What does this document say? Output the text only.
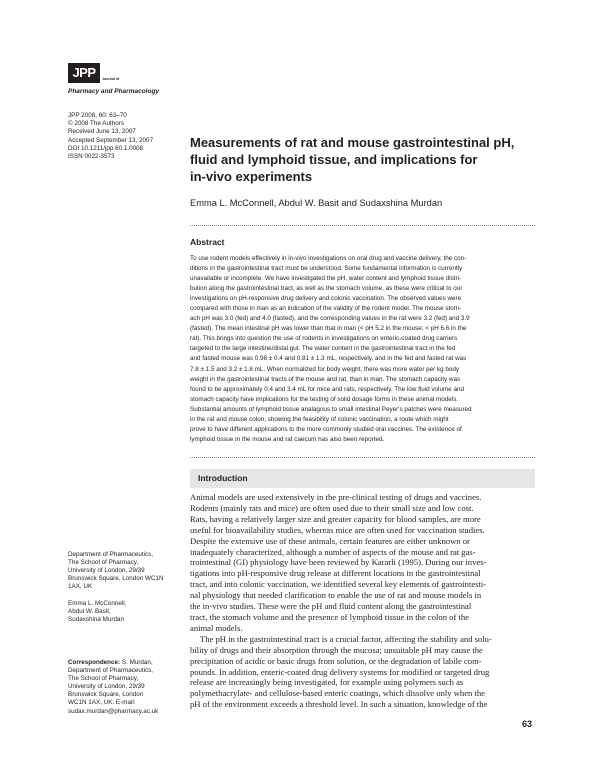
JPP	Journal of
Pharmacy and Pharmacology
JPP 2008, 60: 63–70
© 2008 The Authors
Received June 13, 2007
Accepted September 13, 2007
DOI 10.1211/jpp.60.1.0008
ISSN 0022-3573
Measurements of rat and mouse gastrointestinal pH,
fluid and lymphoid tissue, and implications for
in-vivo experiments
Emma L. McConnell, Abdul W. Basit and Sudaxshina Murdan
Abstract
To use rodent models effectively in in-vivo investigations on oral drug and vaccine delivery, the con-
ditions in the gastrointestinal tract must be understood. Some fundamental information is currently
unavailable or incomplete. We have investigated the pH, water content and lymphoid tissue distri-
bution along the gastrointestinal tract, as well as the stomach volume, as these were critical to our
investigations on pH-responsive drug delivery and colonic vaccination. The observed values were
compared with those in man as an indication of the validity of the rodent model. The mouse stom-
ach pH was 3.0 (fed) and 4.0 (fasted), and the corresponding values in the rat were 3.2 (fed) and 3.9
(fasted). The mean intestinal pH was lower than that in man (< pH 5.2 in the mouse; < pH 6.6 in the
rat). This brings into question the use of rodents in investigations on enteric-coated drug carriers
targeted to the large intestine/distal gut. The water content in the gastrointestinal tract in the fed
and fasted mouse was 0.98 ± 0.4 and 0.81 ± 1.3 mL, respectively, and in the fed and fasted rat was
7.8 ± 1.5 and 3.2 ± 1.8 mL. When normalized for body weight, there was more water per kg body
weight in the gastrointestinal tracts of the mouse and rat, than in man. The stomach capacity was
found to be approximately 0.4 and 3.4 mL for mice and rats, respectively. The low fluid volume and
stomach capacity have implications for the testing of solid dosage forms in these animal models.
Substantial amounts of lymphoid tissue analagous to small intestinal Peyer's patches were measured
in the rat and mouse colon, showing the feasibility of colonic vaccination, a route which might
prove to have different applications to the more commonly studied oral vaccines. The existence of
lymphoid tissue in the mouse and rat caecum has also been reported.
Introduction
Animal models are used extensively in the pre-clinical testing of drugs and vaccines.
Rodents (mainly rats and mice) are often used due to their small size and low cost.
Rats, having a relatively larger size and greater capacity for blood samples, are more
useful for bioavailability studies, whereas mice are often used for vaccination studies.
Despite the extensive use of these animals, certain features are either unknown or
inadequately characterized, although a number of aspects of the mouse and rat gas-
trointestinal (GI) physiology have been reviewed by Kararli (1995). During our inves-
tigations into pH-responsive drug release at different locations in the gastrointestinal
tract, and into colonic vaccination, we identified several key elements of gastrointesti-
nal physiology that needed clarification to enable the use of rat and mouse models in
the in-vivo studies. These were the pH and fluid content along the gastrointestinal
tract, the stomach volume and the presence of lymphoid tissue in the colon of the
animal models.
The pH in the gastrointestinal tract is a crucial factor, affecting the stability and solu-
bility of drugs and their absorption through the mucosa; unsuitable pH may cause the
precipitation of acidic or basic drugs from solution, or the degradation of labile com-
pounds. In addition, enteric-coated drug delivery systems for modified or targeted drug
release are increasingly being investigated, for example using polymers such as
polymethacrylate- and cellulose-based enteric coatings, which dissolve only when the
pH of the environment exceeds a threshold level. In such a situation, knowledge of the
Department of Pharmaceutics,
The School of Pharmacy,
University of London, 29/39
Brunswick Square, London WC1N
1AX, UK
Emma L. McConnell,
Abdul W. Basit,
Sudaxshina Murdan
Correspondence: S. Murdan,
Department of Pharmaceutics,
The School of Pharmacy,
University of London, 29/39
Brunswick Square, London
WC1N 1AX, UK. E-mail:
sudax.murdan@pharmacy.ac.uk
63
